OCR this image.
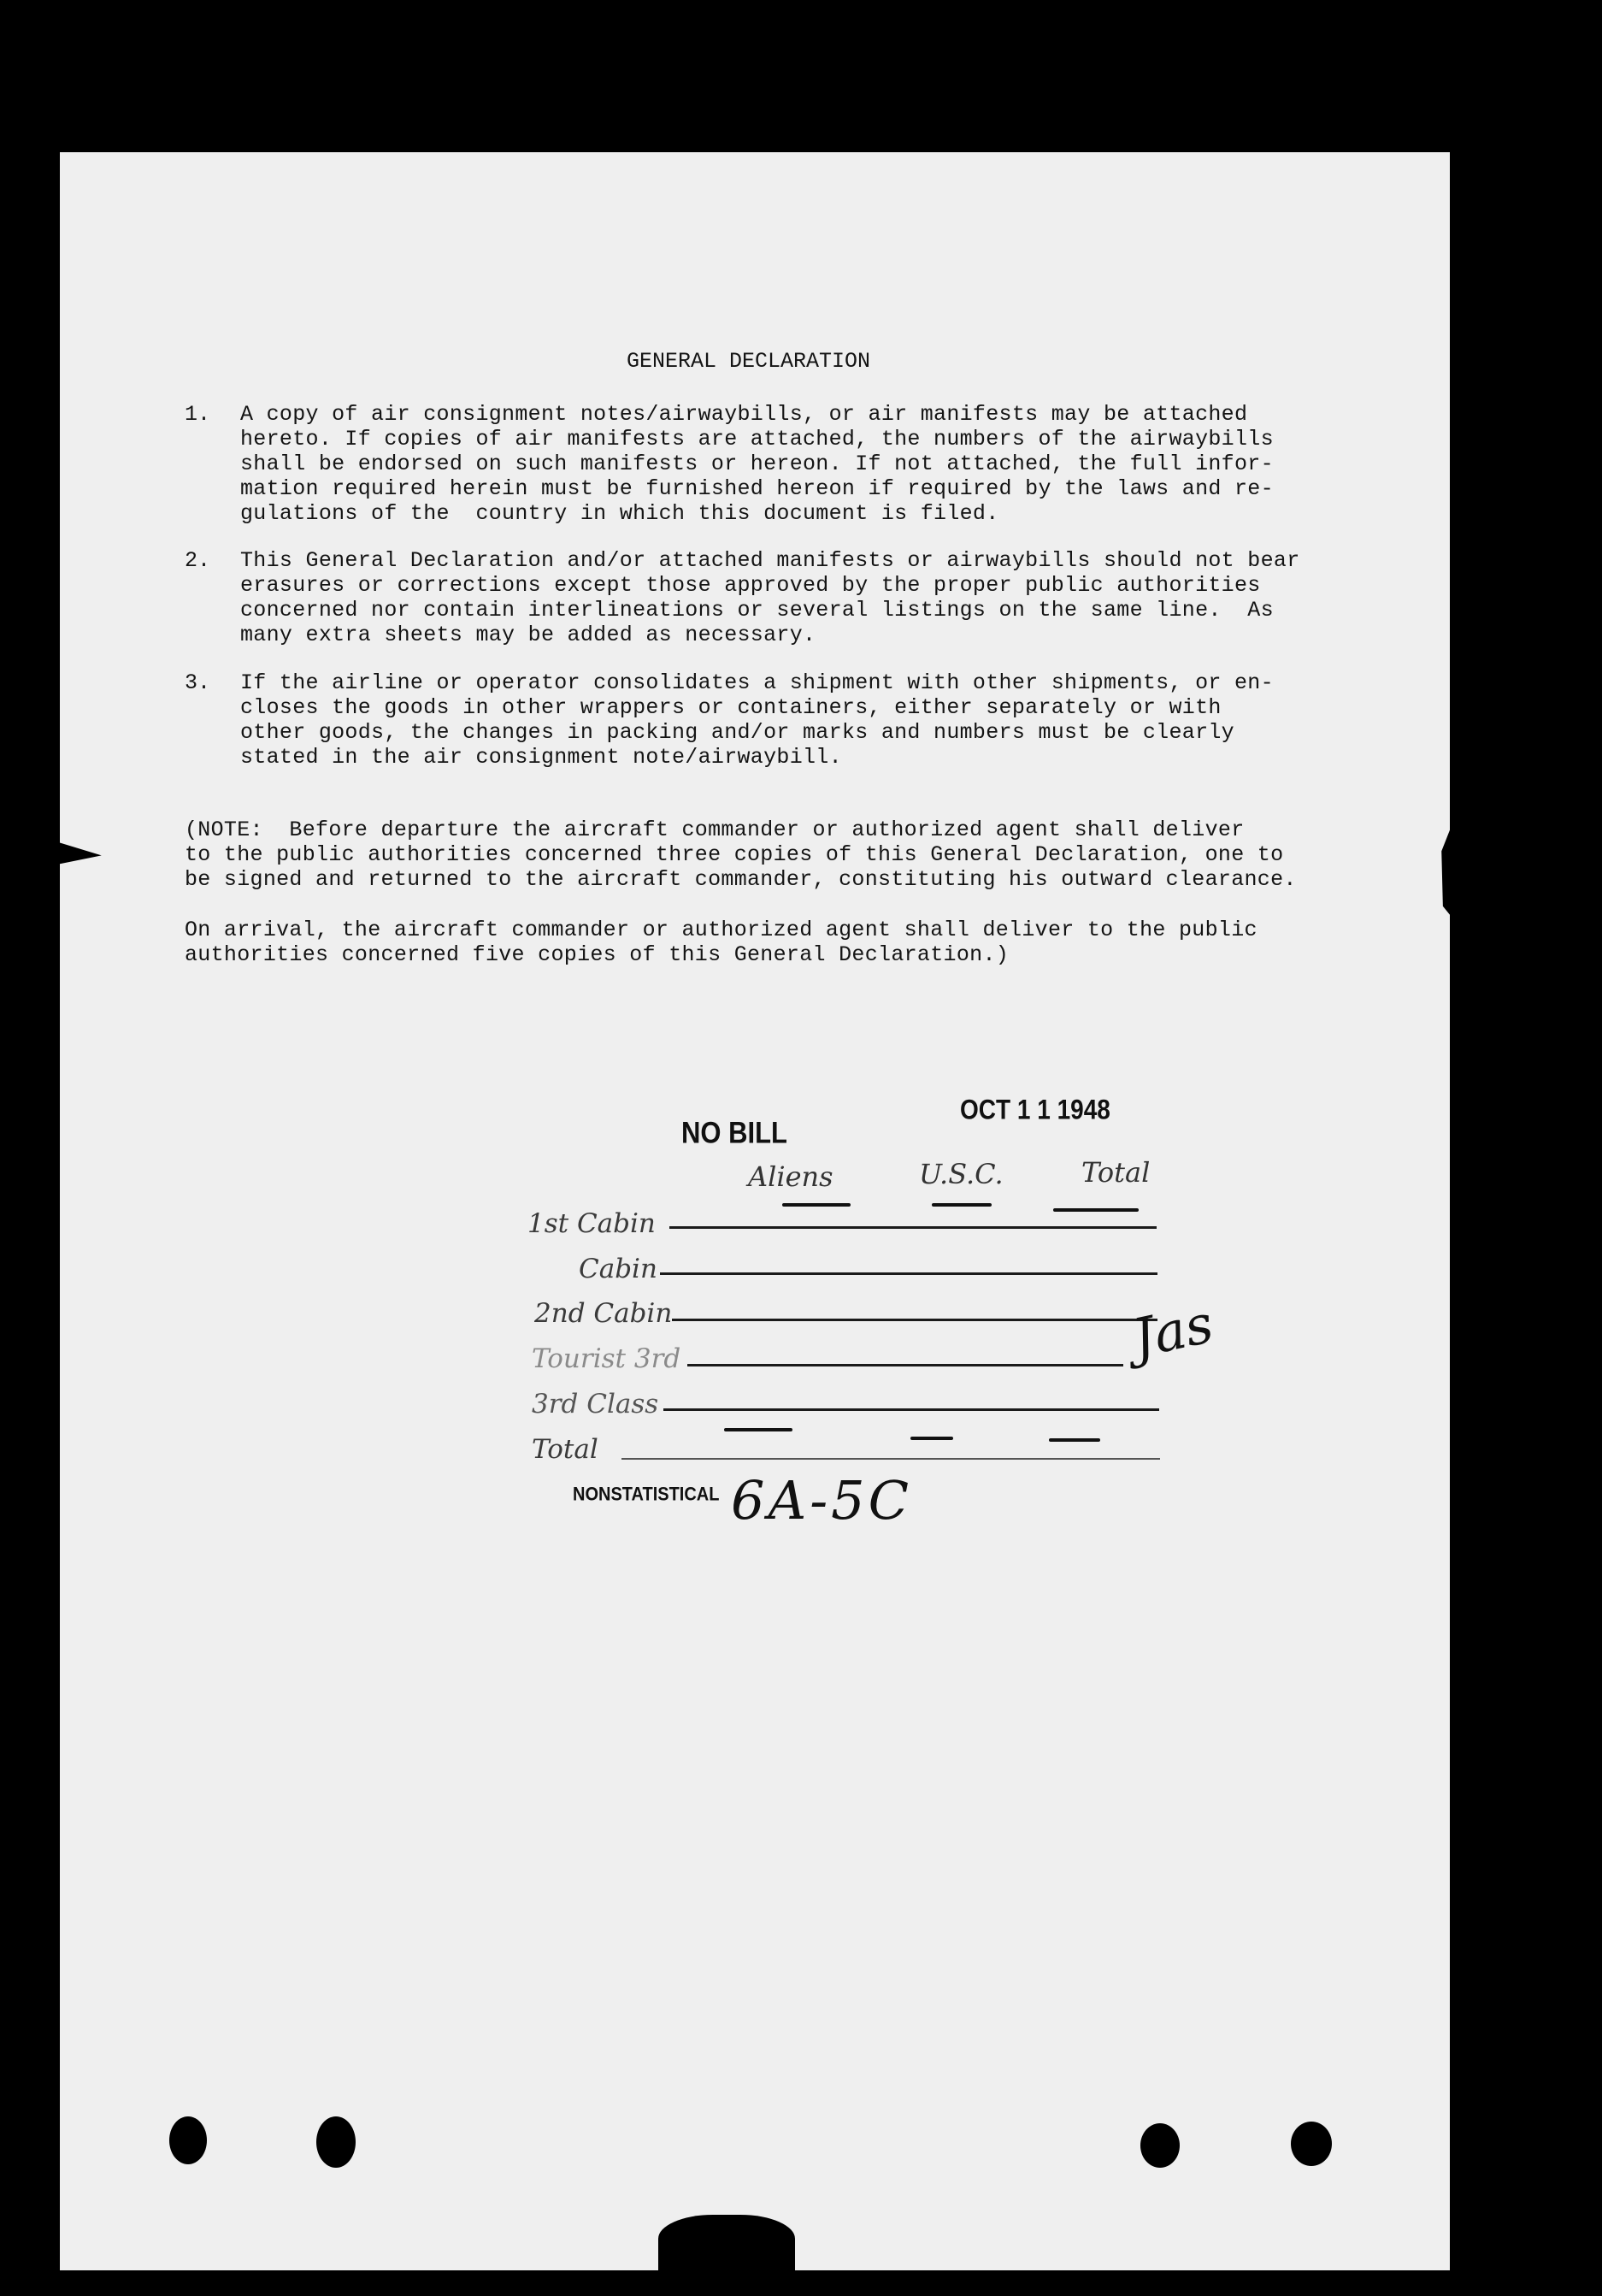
GENERAL DECLARATION
1. A copy of air consignment notes/airwaybills, or air manifests may be attached
hereto. If copies of air manifests are attached, the numbers of the airwaybills
shall be endorsed on such manifests or hereon. If not attached, the full infor-
mation required herein must be furnished hereon if required by the laws and re-
gulations of the  country in which this document is filed.
2. This General Declaration and/or attached manifests or airwaybills should not bear
erasures or corrections except those approved by the proper public authorities
concerned nor contain interlineations or several listings on the same line.  As
many extra sheets may be added as necessary.
3. If the airline or operator consolidates a shipment with other shipments, or en-
closes the goods in other wrappers or containers, either separately or with
other goods, the changes in packing and/or marks and numbers must be clearly
stated in the air consignment note/airwaybill.
(NOTE:  Before departure the aircraft commander or authorized agent shall deliver
to the public authorities concerned three copies of this General Declaration, one to
be signed and returned to the aircraft commander, constituting his outward clearance.
On arrival, the aircraft commander or authorized agent shall deliver to the public
authorities concerned five copies of this General Declaration.)
NO BILL
OCT 1 1 1948
Aliens	U.S.C.	Total
1st Cabin
Cabin
2nd Cabin
Tourist 3rd
3rd Class
Total
NONSTATISTICAL 6A-5C
Jas
